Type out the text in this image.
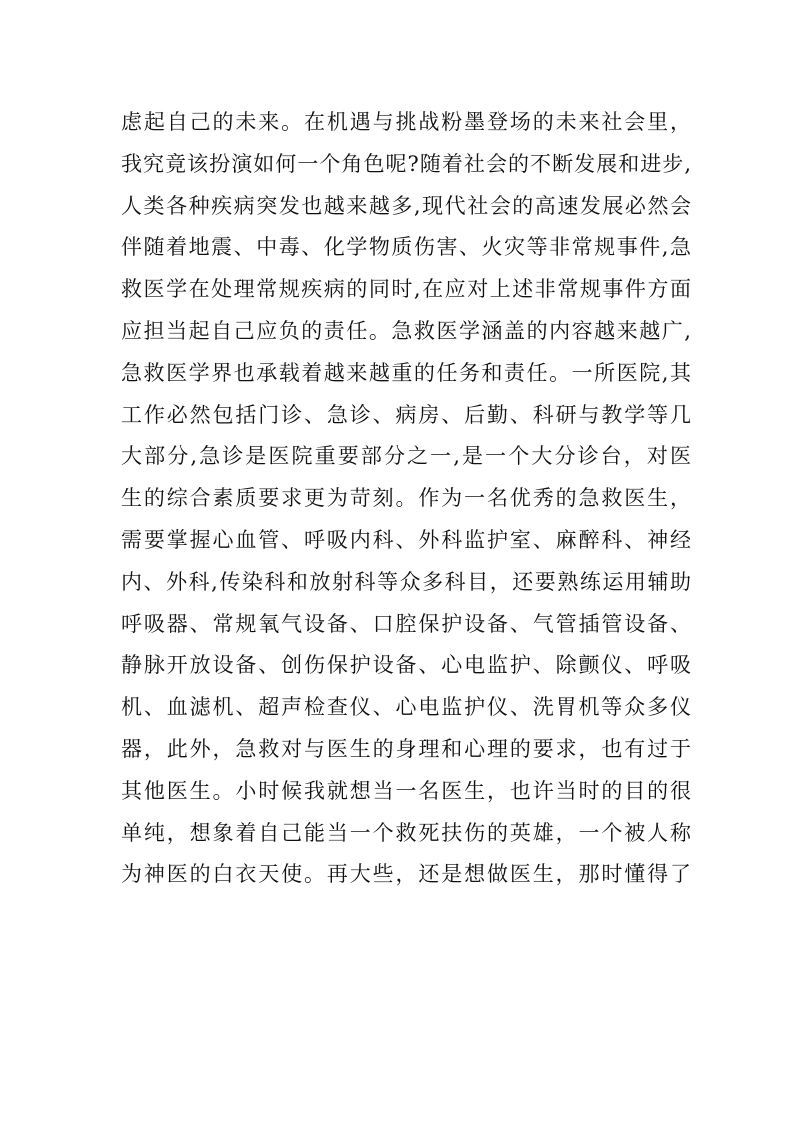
虑起自己的未来。在机遇与挑战粉墨登场的未来社会里，
我究竟该扮演如何一个角色呢?随着社会的不断发展和进步,
人类各种疾病突发也越来越多,现代社会的高速发展必然会
伴随着地震、中毒、化学物质伤害、火灾等非常规事件,急
救医学在处理常规疾病的同时,在应对上述非常规事件方面
应担当起自己应负的责任。急救医学涵盖的内容越来越广,
急救医学界也承载着越来越重的任务和责任。一所医院,其
工作必然包括门诊、急诊、病房、后勤、科研与教学等几
大部分,急诊是医院重要部分之一,是一个大分诊台，对医
生的综合素质要求更为苛刻。作为一名优秀的急救医生，
需要掌握心血管、呼吸内科、外科监护室、麻醉科、神经
内、外科,传染科和放射科等众多科目，还要熟练运用辅助
呼吸器、常规氧气设备、口腔保护设备、气管插管设备、
静脉开放设备、创伤保护设备、心电监护、除颤仪、呼吸
机、血滤机、超声检查仪、心电监护仪、洗胃机等众多仪
器，此外，急救对与医生的身理和心理的要求，也有过于
其他医生。小时候我就想当一名医生，也许当时的目的很
单纯，想象着自己能当一个救死扶伤的英雄，一个被人称
为神医的白衣天使。再大些，还是想做医生，那时懂得了
